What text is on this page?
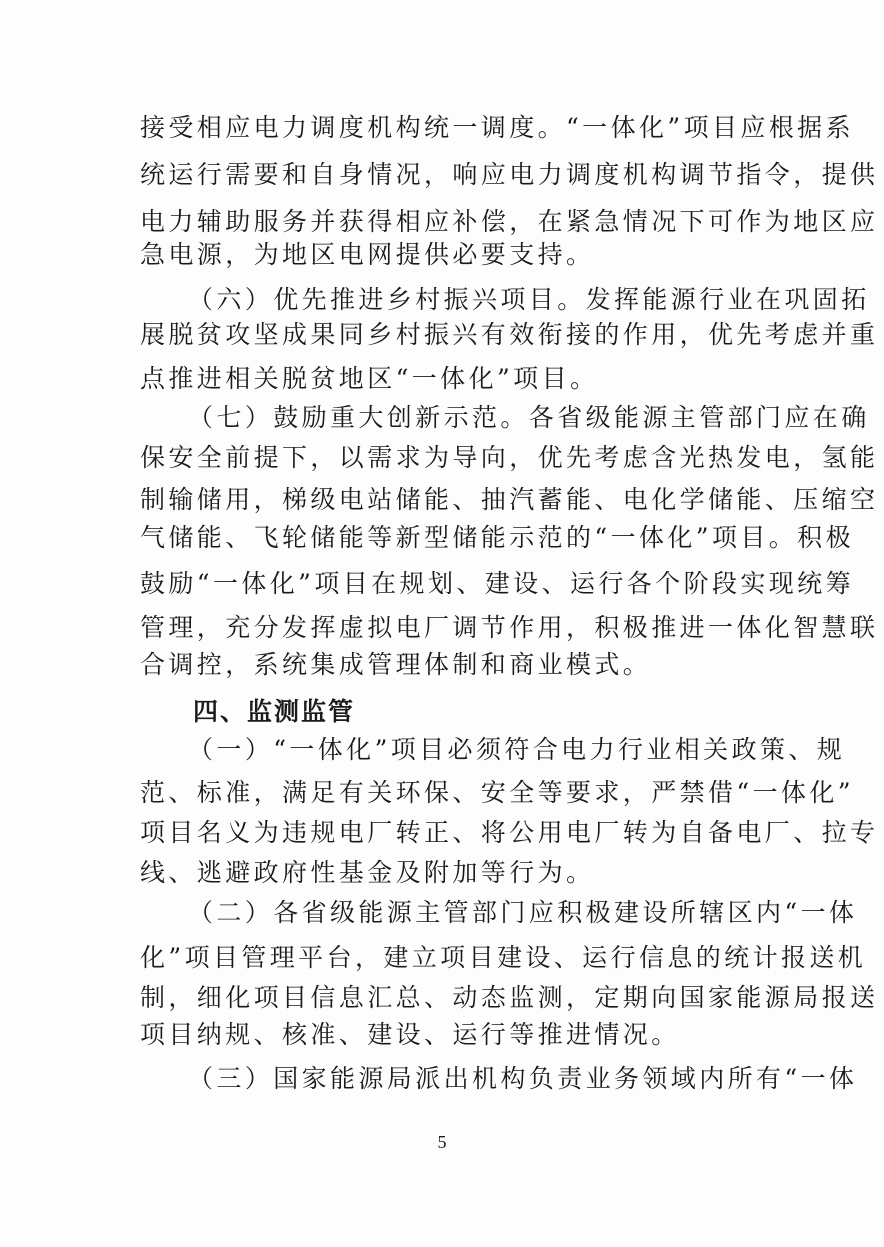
接受相应电力调度机构统一调度。“一体化”项目应根据系
统运行需要和自身情况，响应电力调度机构调节指令，提供
电力辅助服务并获得相应补偿，在紧急情况下可作为地区应
急电源，为地区电网提供必要支持。
（六）优先推进乡村振兴项目。发挥能源行业在巩固拓
展脱贫攻坚成果同乡村振兴有效衔接的作用，优先考虑并重
点推进相关脱贫地区“一体化”项目。
（七）鼓励重大创新示范。各省级能源主管部门应在确
保安全前提下，以需求为导向，优先考虑含光热发电，氢能
制输储用，梯级电站储能、抽汽蓄能、电化学储能、压缩空
气储能、飞轮储能等新型储能示范的“一体化”项目。积极
鼓励“一体化”项目在规划、建设、运行各个阶段实现统筹
管理，充分发挥虚拟电厂调节作用，积极推进一体化智慧联
合调控，系统集成管理体制和商业模式。
四、监测监管
（一）“一体化”项目必须符合电力行业相关政策、规
范、标准，满足有关环保、安全等要求，严禁借“一体化”
项目名义为违规电厂转正、将公用电厂转为自备电厂、拉专
线、逃避政府性基金及附加等行为。
（二）各省级能源主管部门应积极建设所辖区内“一体
化”项目管理平台，建立项目建设、运行信息的统计报送机
制，细化项目信息汇总、动态监测，定期向国家能源局报送
项目纳规、核准、建设、运行等推进情况。
（三）国家能源局派出机构负责业务领域内所有“一体
5
